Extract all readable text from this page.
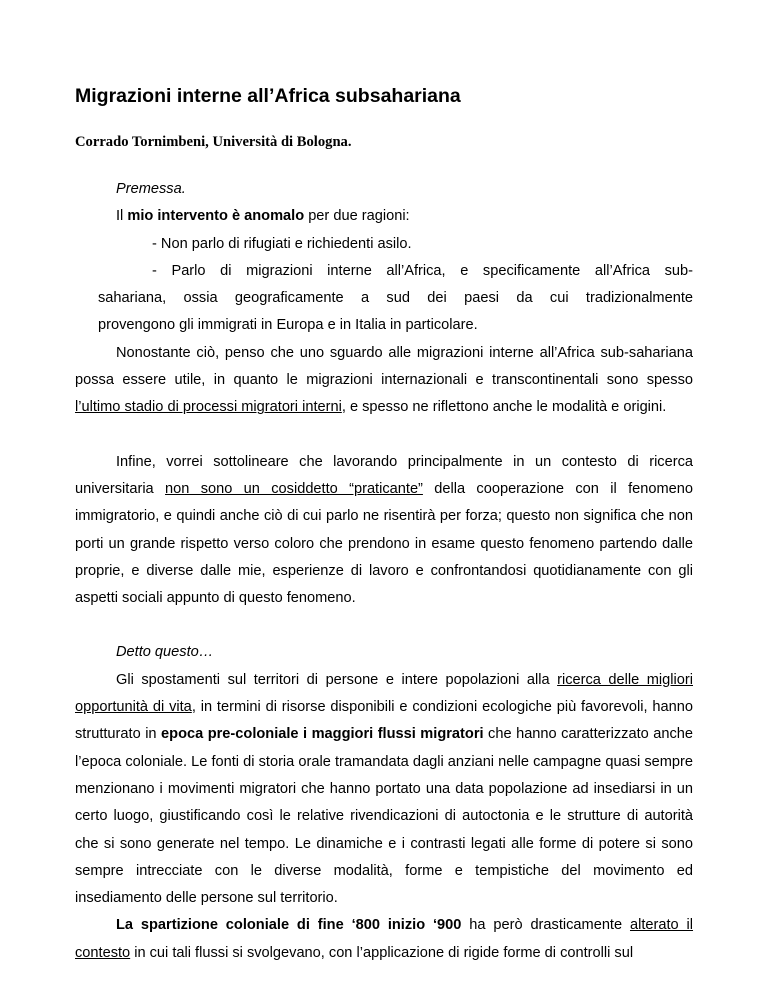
Migrazioni interne all’Africa subsahariana

Corrado Tornimbeni, Università di Bologna.

Premessa.

Il mio intervento è anomalo per due ragioni:

- Non parlo di rifugiati e richiedenti asilo.

- Parlo di migrazioni interne all’Africa, e specificamente all’Africa sub-
sahariana, ossia geograficamente a sud dei paesi da cui tradizionalmente
provengono gli immigrati in Europa e in Italia in particolare.

Nonostante ciò, penso che uno sguardo alle migrazioni interne all’Africa sub-sahariana possa essere utile, in quanto le migrazioni internazionali e transcontinentali sono spesso l’ultimo stadio di processi migratori interni, e spesso ne riflettono anche le modalità e origini.

Infine, vorrei sottolineare che lavorando principalmente in un contesto di ricerca universitaria non sono un cosiddetto “praticante” della cooperazione con il fenomeno immigratorio, e quindi anche ciò di cui parlo ne risentirà per forza; questo non significa che non porti un grande rispetto verso coloro che prendono in esame questo fenomeno partendo dalle proprie, e diverse dalle mie, esperienze di lavoro e confrontandosi quotidianamente con gli aspetti sociali appunto di questo fenomeno.

Detto questo…

Gli spostamenti sul territori di persone e intere popolazioni alla ricerca delle migliori opportunità di vita, in termini di risorse disponibili e condizioni ecologiche più favorevoli, hanno strutturato in epoca pre-coloniale i maggiori flussi migratori che hanno caratterizzato anche l’epoca coloniale. Le fonti di storia orale tramandata dagli anziani nelle campagne quasi sempre menzionano i movimenti migratori che hanno portato una data popolazione ad insediarsi in un certo luogo, giustificando così le relative rivendicazioni di autoctonia e le strutture di autorità che si sono generate nel tempo. Le dinamiche e i contrasti legati alle forme di potere si sono sempre intrecciate con le diverse modalità, forme e tempistiche del movimento ed insediamento delle persone sul territorio.

La spartizione coloniale di fine ‘800 inizio ‘900 ha però drasticamente alterato il contesto in cui tali flussi si svolgevano, con l’applicazione di rigide forme di controlli sul
